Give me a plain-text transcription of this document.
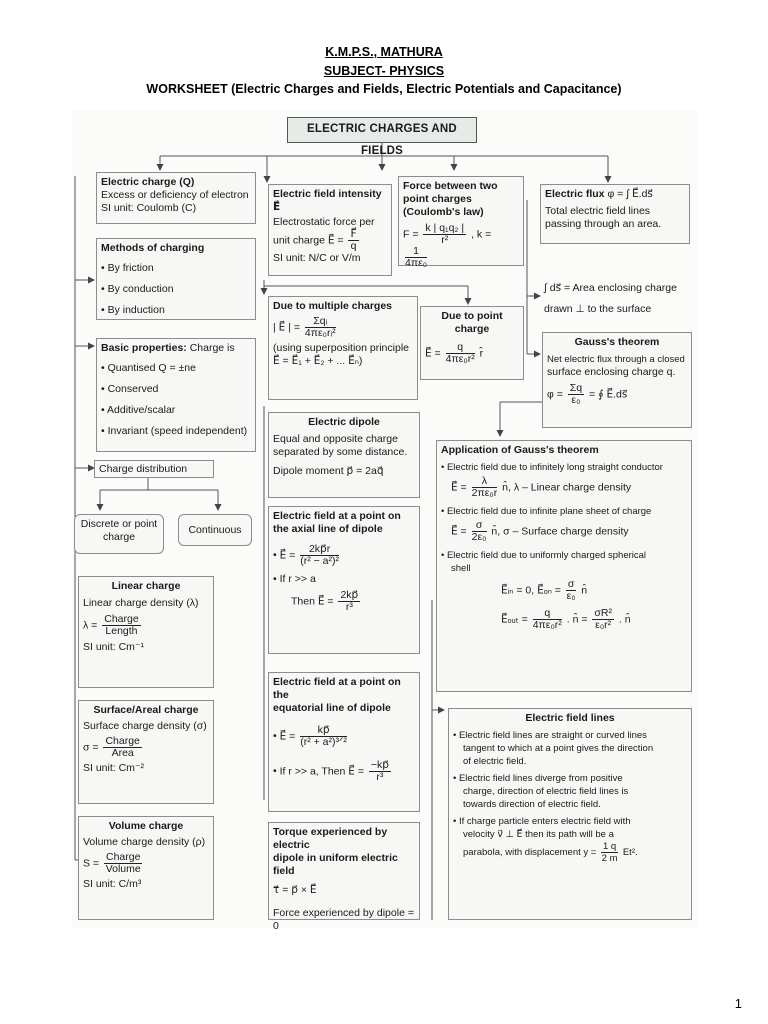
K.M.P.S., MATHURA
SUBJECT- PHYSICS
WORKSHEET (Electric Charges and Fields, Electric Potentials and Capacitance)
ELECTRIC CHARGES AND FIELDS
Electric charge (Q)
Excess or deficiency of electron
SI unit: Coulomb (C)
Methods of charging
• By friction
• By conduction
• By induction
Basic properties: Charge is
• Quantised Q = ±ne
• Conserved
• Additive/scalar
• Invariant (speed independent)
Charge distribution
Discrete or point charge
Continuous
Linear charge
Linear charge density (λ)
$\lambda = \frac{\text{Charge}}{\text{Length}}$
SI unit: Cm⁻¹
Surface/Areal charge
Surface charge density (σ)
$\sigma = \frac{\text{Charge}}{\text{Area}}$
SI unit: Cm⁻²
Volume charge
Volume charge density (ρ)
$S = \frac{\text{Charge}}{\text{Volume}}$
SI unit: C/m³
Electric field intensity E⃗
Electrostatic force per
unit charge E⃗ = $\frac{F⃗}{q}$
SI unit: N/C or V/m
Force between two point charges (Coulomb's law)
$F = \frac{\text{k | q₁q₂ |}}{\text{r²}}$ , k =
$\frac{1}{\text{4πε₀}}$
Due to multiple charges
| E⃗ | = $\frac{\text{Σqᵢ}}{\text{4πε₀rᵢ²}}$
(using superposition principle
E⃗ = E⃗₁ + E⃗₂ + ... E⃗ₙ)
Due to point charge
E⃗ = $\frac{q}{\text{4πε₀r²}}$ r̂
Electric dipole
Equal and opposite charge
separated by some distance.
Dipole moment p⃗ = 2aq⃗
Electric field at a point on
the axial line of dipole
• E⃗ = $\frac{2kp⃗r}{\text{(r² − a²)²}}$
• If r >> a
Then E⃗ = $\frac{2kp⃗}{\text{r³}}$
Electric field at a point on the
equatorial line of dipole
• E⃗ = $\frac{kp⃗}{\text{(r² + a²)³ᐟ²}}$
• If r >> a, Then E⃗ = $\frac{-kp⃗}{\text{r³}}$
Torque experienced by electric
dipole in uniform electric field
τ⃗ = p⃗ × E⃗
Force experienced by dipole = 0
Electric flux φ = ∫ E⃗.ds⃗
Total electric field lines
passing through an area.
∫ ds⃗ = Area enclosing charge
drawn ⊥ to the surface
Gauss's theorem
Net electric flux through a closed
surface enclosing charge q.
$\varphi = \frac{\Sigma q}{\text{ε₀}}$ = ∮ E⃗.ds⃗
Application of Gauss's theorem
• Electric field due to infinitely long straight conductor
E⃗ = $\frac{\lambda}{\text{2πε₀r}}$ n̂, λ – Linear charge density
• Electric field due to infinite plane sheet of charge
E⃗ = $\frac{\sigma}{\text{2ε₀}}$ n̂, σ – Surface charge density
• Electric field due to uniformly charged spherical
shell
E⃗ᵢₙ = 0, E⃗ₒₙ = $\frac{\sigma}{\text{ε₀}}$ n̂
E⃗ₒᵤₜ = $\frac{q}{\text{4πε₀r²}}$ . n̂ = $\frac{\text{σR²}}{\text{ε₀r²}}$ . n̂
Electric field lines
• Electric field lines are straight or curved lines
tangent to which at a point gives the direction
of electric field.
• Electric field lines diverge from positive
charge, direction of electric field lines is
towards direction of electric field.
• If charge particle enters electric field with
velocity v⃗ ⊥ E⃗ then its path will be a
parabola, with displacement $y = \frac{1 q}{2 m} Et^2$.
1
